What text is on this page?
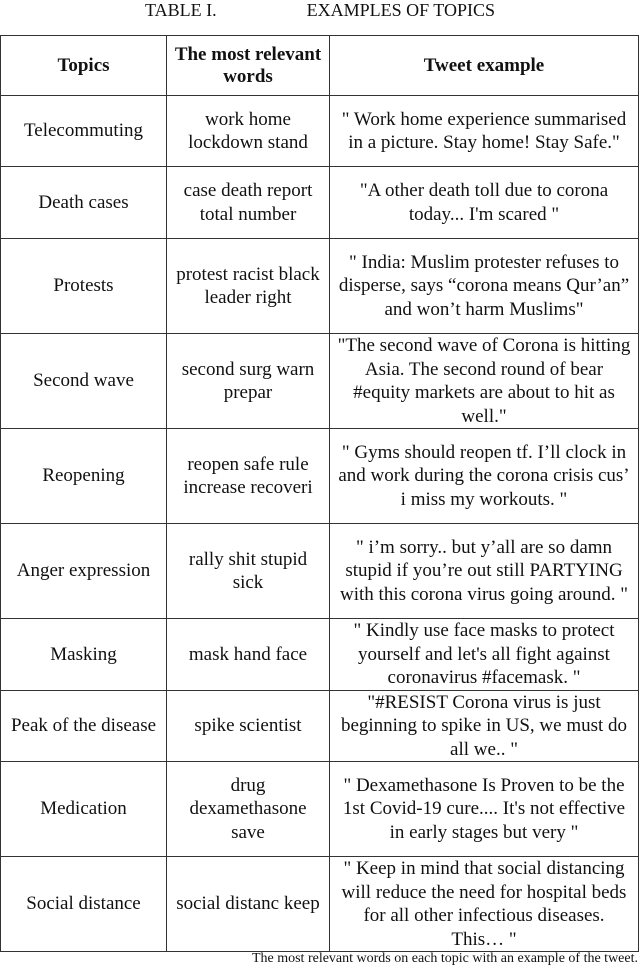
TABLE I.	EXAMPLES OF TOPICS
Topics	The most relevant words	Tweet example
Telecommuting	work home lockdown stand	" Work home experience summarised in a picture. Stay home! Stay Safe."
Death cases	case death report total number	"A other death toll due to corona today... I'm scared "
Protests	protest racist black leader right	" India: Muslim protester refuses to disperse, says “corona means Qur’an” and won’t harm Muslims"
Second wave	second surg warn prepar	"The second wave of Corona is hitting Asia. The second round of bear #equity markets are about to hit as well."
Reopening	reopen safe rule increase recoveri	" Gyms should reopen tf. I’ll clock in and work during the corona crisis cus’ i miss my workouts. "
Anger expression	rally shit stupid sick	" i’m sorry.. but y’all are so damn stupid if you’re out still PARTYING with this corona virus going around. "
Masking	mask hand face	" Kindly use face masks to protect yourself and let's all fight against coronavirus #facemask. "
Peak of the disease	spike scientist	"#RESIST Corona virus is just beginning to spike in US, we must do all we.. "
Medication	drug dexamethasone save	" Dexamethasone Is Proven to be the 1st Covid-19 cure.... It's not effective in early stages but very "
Social distance	social distanc keep	" Keep in mind that social distancing will reduce the need for hospital beds for all other infectious diseases. This… "
The most relevant words on each topic with an example of the tweet.
